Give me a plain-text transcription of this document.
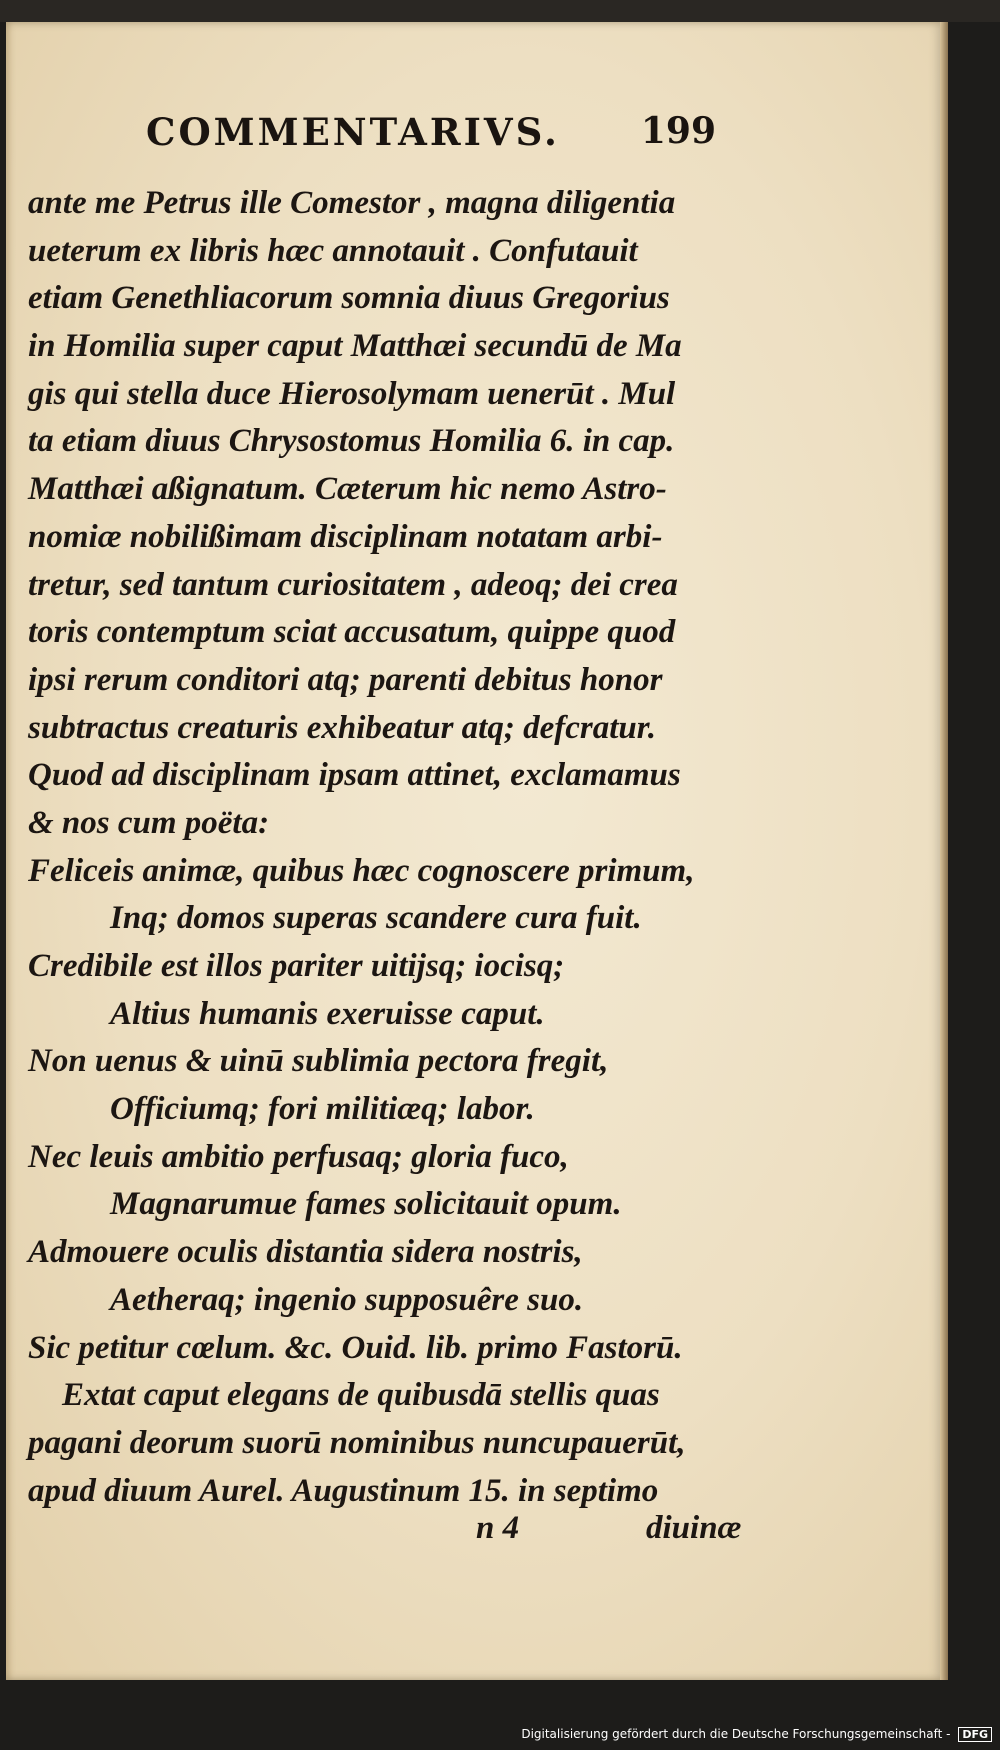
COMMENTARIVS. 199
ante me Petrus ille Comestor , magna diligentia
ueterum ex libris hæc annotauit . Confutauit
etiam Genethliacorum somnia diuus Gregorius
in Homilia super caput Matthæi secundū de Ma
gis qui stella duce Hierosolymam uenerūt . Mul
ta etiam diuus Chrysostomus Homilia 6. in cap.
Matthæi aßignatum. Cæterum hic nemo Astro-
nomiæ nobilißimam disciplinam notatam arbi-
tretur, sed tantum curiositatem , adeoq; dei crea
toris contemptum sciat accusatum, quippe quod
ipsi rerum conditori atq; parenti debitus honor
subtractus creaturis exhibeatur atq; defcratur.
Quod ad disciplinam ipsam attinet, exclamamus
& nos cum poëta:
Feliceis animæ, quibus hæc cognoscere primum,
Inq; domos superas scandere cura fuit.
Credibile est illos pariter uitijsq; iocisq;
Altius humanis exeruisse caput.
Non uenus & uinū sublimia pectora fregit,
Officiumq; fori militiæq; labor.
Nec leuis ambitio perfusaq; gloria fuco,
Magnarumue fames solicitauit opum.
Admouere oculis distantia sidera nostris,
Aetheraq; ingenio supposuêre suo.
Sic petitur cœlum. &c. Ouid. lib. primo Fastorū.
Extat caput elegans de quibusdā stellis quas
pagani deorum suorū nominibus nuncupauerūt,
apud diuum Aurel. Augustinum 15. in septimo
n 4	diuinæ
Digitalisierung gefördert durch die Deutsche Forschungsgemeinschaft - DFG
